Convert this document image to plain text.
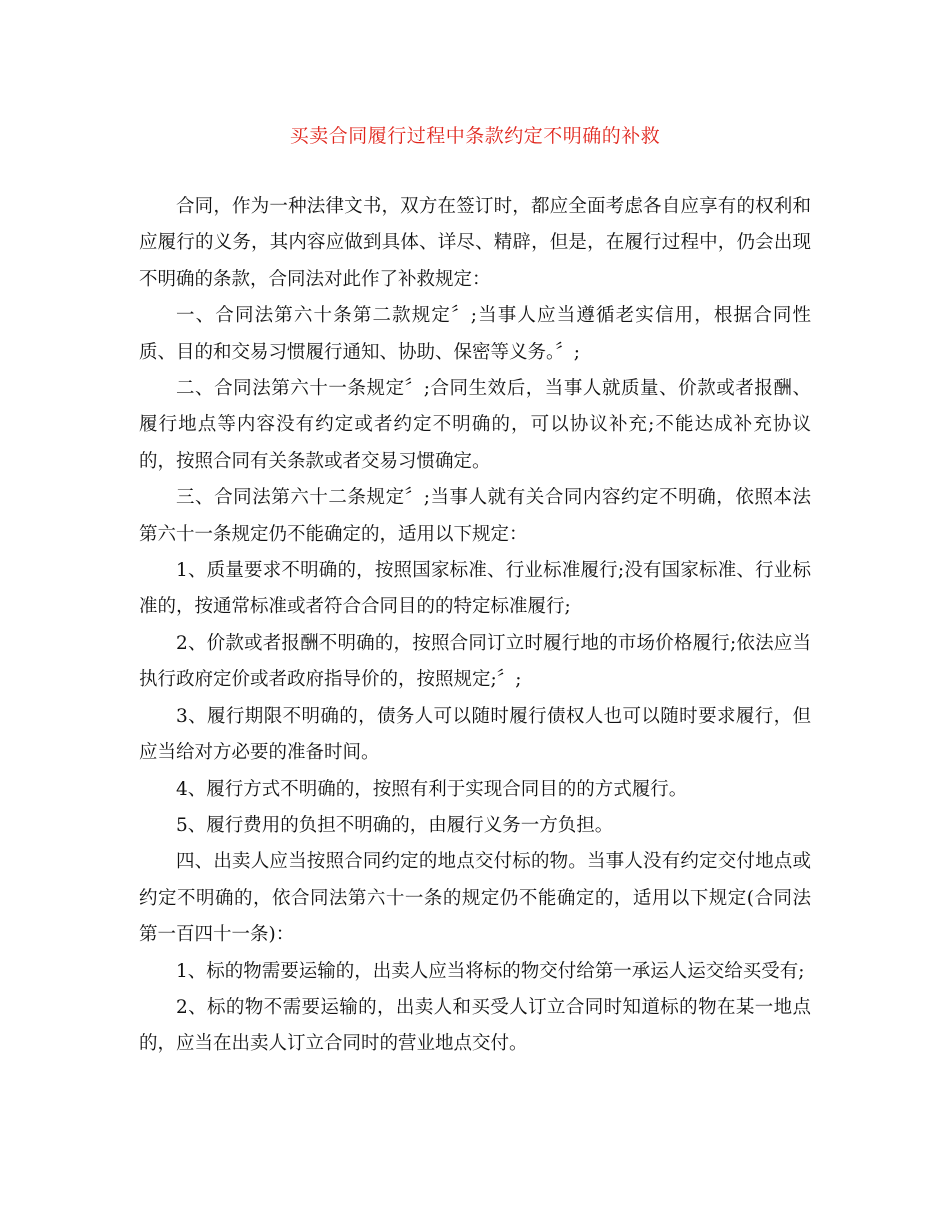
买卖合同履行过程中条款约定不明确的补救

合同，作为一种法律文书，双方在签订时，都应全面考虑各自应享有的权利和应履行的义务，其内容应做到具体、详尽、精辟，但是，在履行过程中，仍会出现不明确的条款，合同法对此作了补救规定：

一、合同法第六十条第二款规定〞;当事人应当遵循老实信用，根据合同性质、目的和交易习惯履行通知、协助、保密等义务。〞;

二、合同法第六十一条规定〞;合同生效后，当事人就质量、价款或者报酬、履行地点等内容没有约定或者约定不明确的，可以协议补充;不能达成补充协议的，按照合同有关条款或者交易习惯确定。

三、合同法第六十二条规定〞;当事人就有关合同内容约定不明确，依照本法第六十一条规定仍不能确定的，适用以下规定：

1、质量要求不明确的，按照国家标准、行业标准履行;没有国家标准、行业标准的，按通常标准或者符合合同目的的特定标准履行;

2、价款或者报酬不明确的，按照合同订立时履行地的市场价格履行;依法应当执行政府定价或者政府指导价的，按照规定;〞;

3、履行期限不明确的，债务人可以随时履行债权人也可以随时要求履行，但应当给对方必要的准备时间。

4、履行方式不明确的，按照有利于实现合同目的的方式履行。

5、履行费用的负担不明确的，由履行义务一方负担。

四、出卖人应当按照合同约定的地点交付标的物。当事人没有约定交付地点或约定不明确的，依合同法第六十一条的规定仍不能确定的，适用以下规定(合同法第一百四十一条)：

1、标的物需要运输的，出卖人应当将标的物交付给第一承运人运交给买受有;

2、标的物不需要运输的，出卖人和买受人订立合同时知道标的物在某一地点的，应当在出卖人订立合同时的营业地点交付。
